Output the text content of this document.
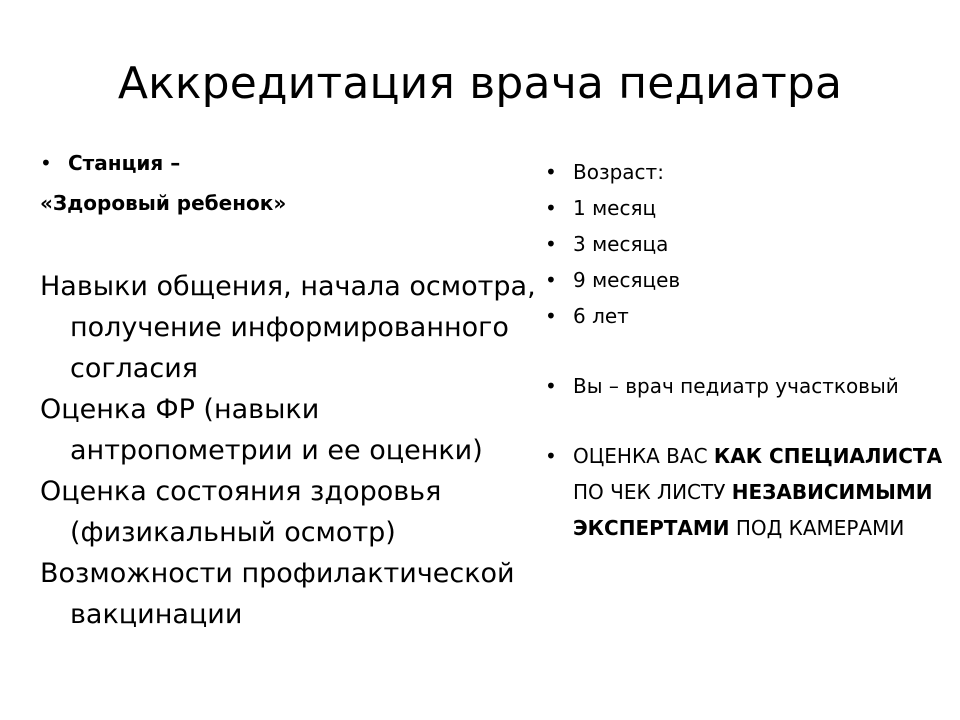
Аккредитация врача педиатра
• Станция –
«Здоровый ребенок»
Навыки общения, начала осмотра, получение информированного согласия
Оценка ФР (навыки антропометрии и ее оценки)
Оценка состояния здоровья (физикальный осмотр)
Возможности профилактической вакцинации
• Возраст:
• 1 месяц
• 3 месяца
• 9 месяцев
• 6 лет
• Вы – врач педиатр участковый
• ОЦЕНКА ВАС КАК СПЕЦИАЛИСТА ПО ЧЕК ЛИСТУ НЕЗАВИСИМЫМИ ЭКСПЕРТАМИ ПОД КАМЕРАМИ
